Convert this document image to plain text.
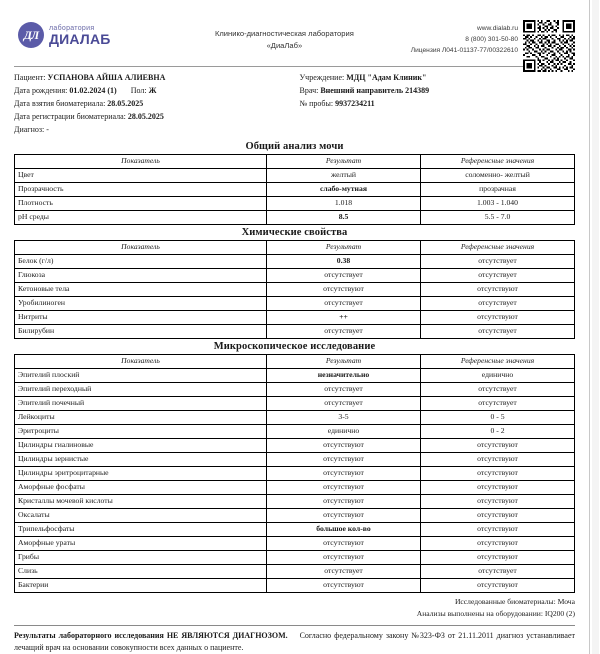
ДЛ	лаборатория
ДИАЛАБ	Клинико-диагностическая лаборатория
«ДиаЛаб»
www.dialab.ru
8 (800) 301-50-80
Лицензия Л041-01137-77/00322610
Пациент: УСПАНОВА АЙША АЛИЕВНА
Дата рождения: 01.02.2024 (1) Пол: Ж
Дата взятия биоматериала: 28.05.2025
Дата регистрации биоматериала: 28.05.2025
Диагноз: -
Учреждение: МДЦ "Адам Клиник"
Врач: Внешний направитель 214389
№ пробы: 9937234211
Общий анализ мочи
Показатель	Результат	Референсные значения
Цвет	желтый	соломенно- желтый
Прозрачность	слабо-мутная	прозрачная
Плотность	1.018	1.003 - 1.040
pH среды	8.5	5.5 - 7.0
Химические свойства
Показатель	Результат	Референсные значения
Белок (г/л)	0.38	отсутствует
Глюкоза	отсутствует	отсутствует
Кетоновые тела	отсутствуют	отсутствуют
Уробилиноген	отсутствует	отсутствует
Нитриты	++	отсутствуют
Билирубин	отсутствует	отсутствует
Микроскопическое исследование
Показатель	Результат	Референсные значения
Эпителий плоский	незначительно	единично
Эпителий переходный	отсутствует	отсутствует
Эпителий почечный	отсутствует	отсутствует
Лейкоциты	3-5	0 - 5
Эритроциты	единично	0 - 2
Цилиндры гиалиновые	отсутствуют	отсутствуют
Цилиндры зернистые	отсутствуют	отсутствуют
Цилиндры эритроцитарные	отсутствуют	отсутствуют
Аморфные фосфаты	отсутствуют	отсутствуют
Кристаллы мочевой кислоты	отсутствуют	отсутствуют
Оксалаты	отсутствуют	отсутствуют
Трипельфосфаты	большое кол-во	отсутствуют
Аморфные ураты	отсутствуют	отсутствуют
Грибы	отсутствуют	отсутствуют
Слизь	отсутствует	отсутствует
Бактерии	отсутствуют	отсутствуют
Исследованные биоматериалы: Моча
Анализы выполнены на оборудовании: IQ200 (2)
Результаты лабораторного исследования НЕ ЯВЛЯЮТСЯ ДИАГНОЗОМ. Согласно федеральному закону №323-ФЗ от 21.11.2011 диагноз устанавливает лечащий врач на основании совокупности всех данных о пациенте.
